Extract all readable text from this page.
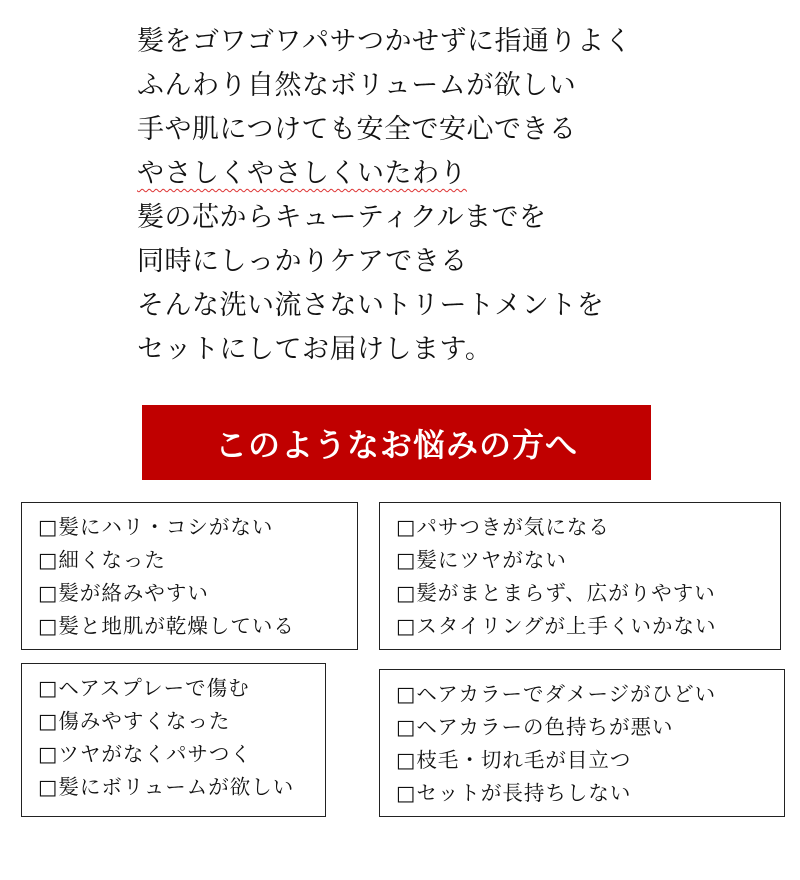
髪をゴワゴワパサつかせずに指通りよく
ふんわり自然なボリュームが欲しい
手や肌につけても安全で安心できる
やさしくやさしくいたわり
髪の芯からキューティクルまでを
同時にしっかりケアできる
そんな洗い流さないトリートメントを
セットにしてお届けします。
このようなお悩みの方へ
□髪にハリ・コシがない
□細くなった
□髪が絡みやすい
□髪と地肌が乾燥している
□パサつきが気になる
□髪にツヤがない
□髪がまとまらず、広がりやすい
□スタイリングが上手くいかない
□ヘアスプレーで傷む
□傷みやすくなった
□ツヤがなくパサつく
□髪にボリュームが欲しい
□ヘアカラーでダメージがひどい
□ヘアカラーの色持ちが悪い
□枝毛・切れ毛が目立つ
□セットが長持ちしない
